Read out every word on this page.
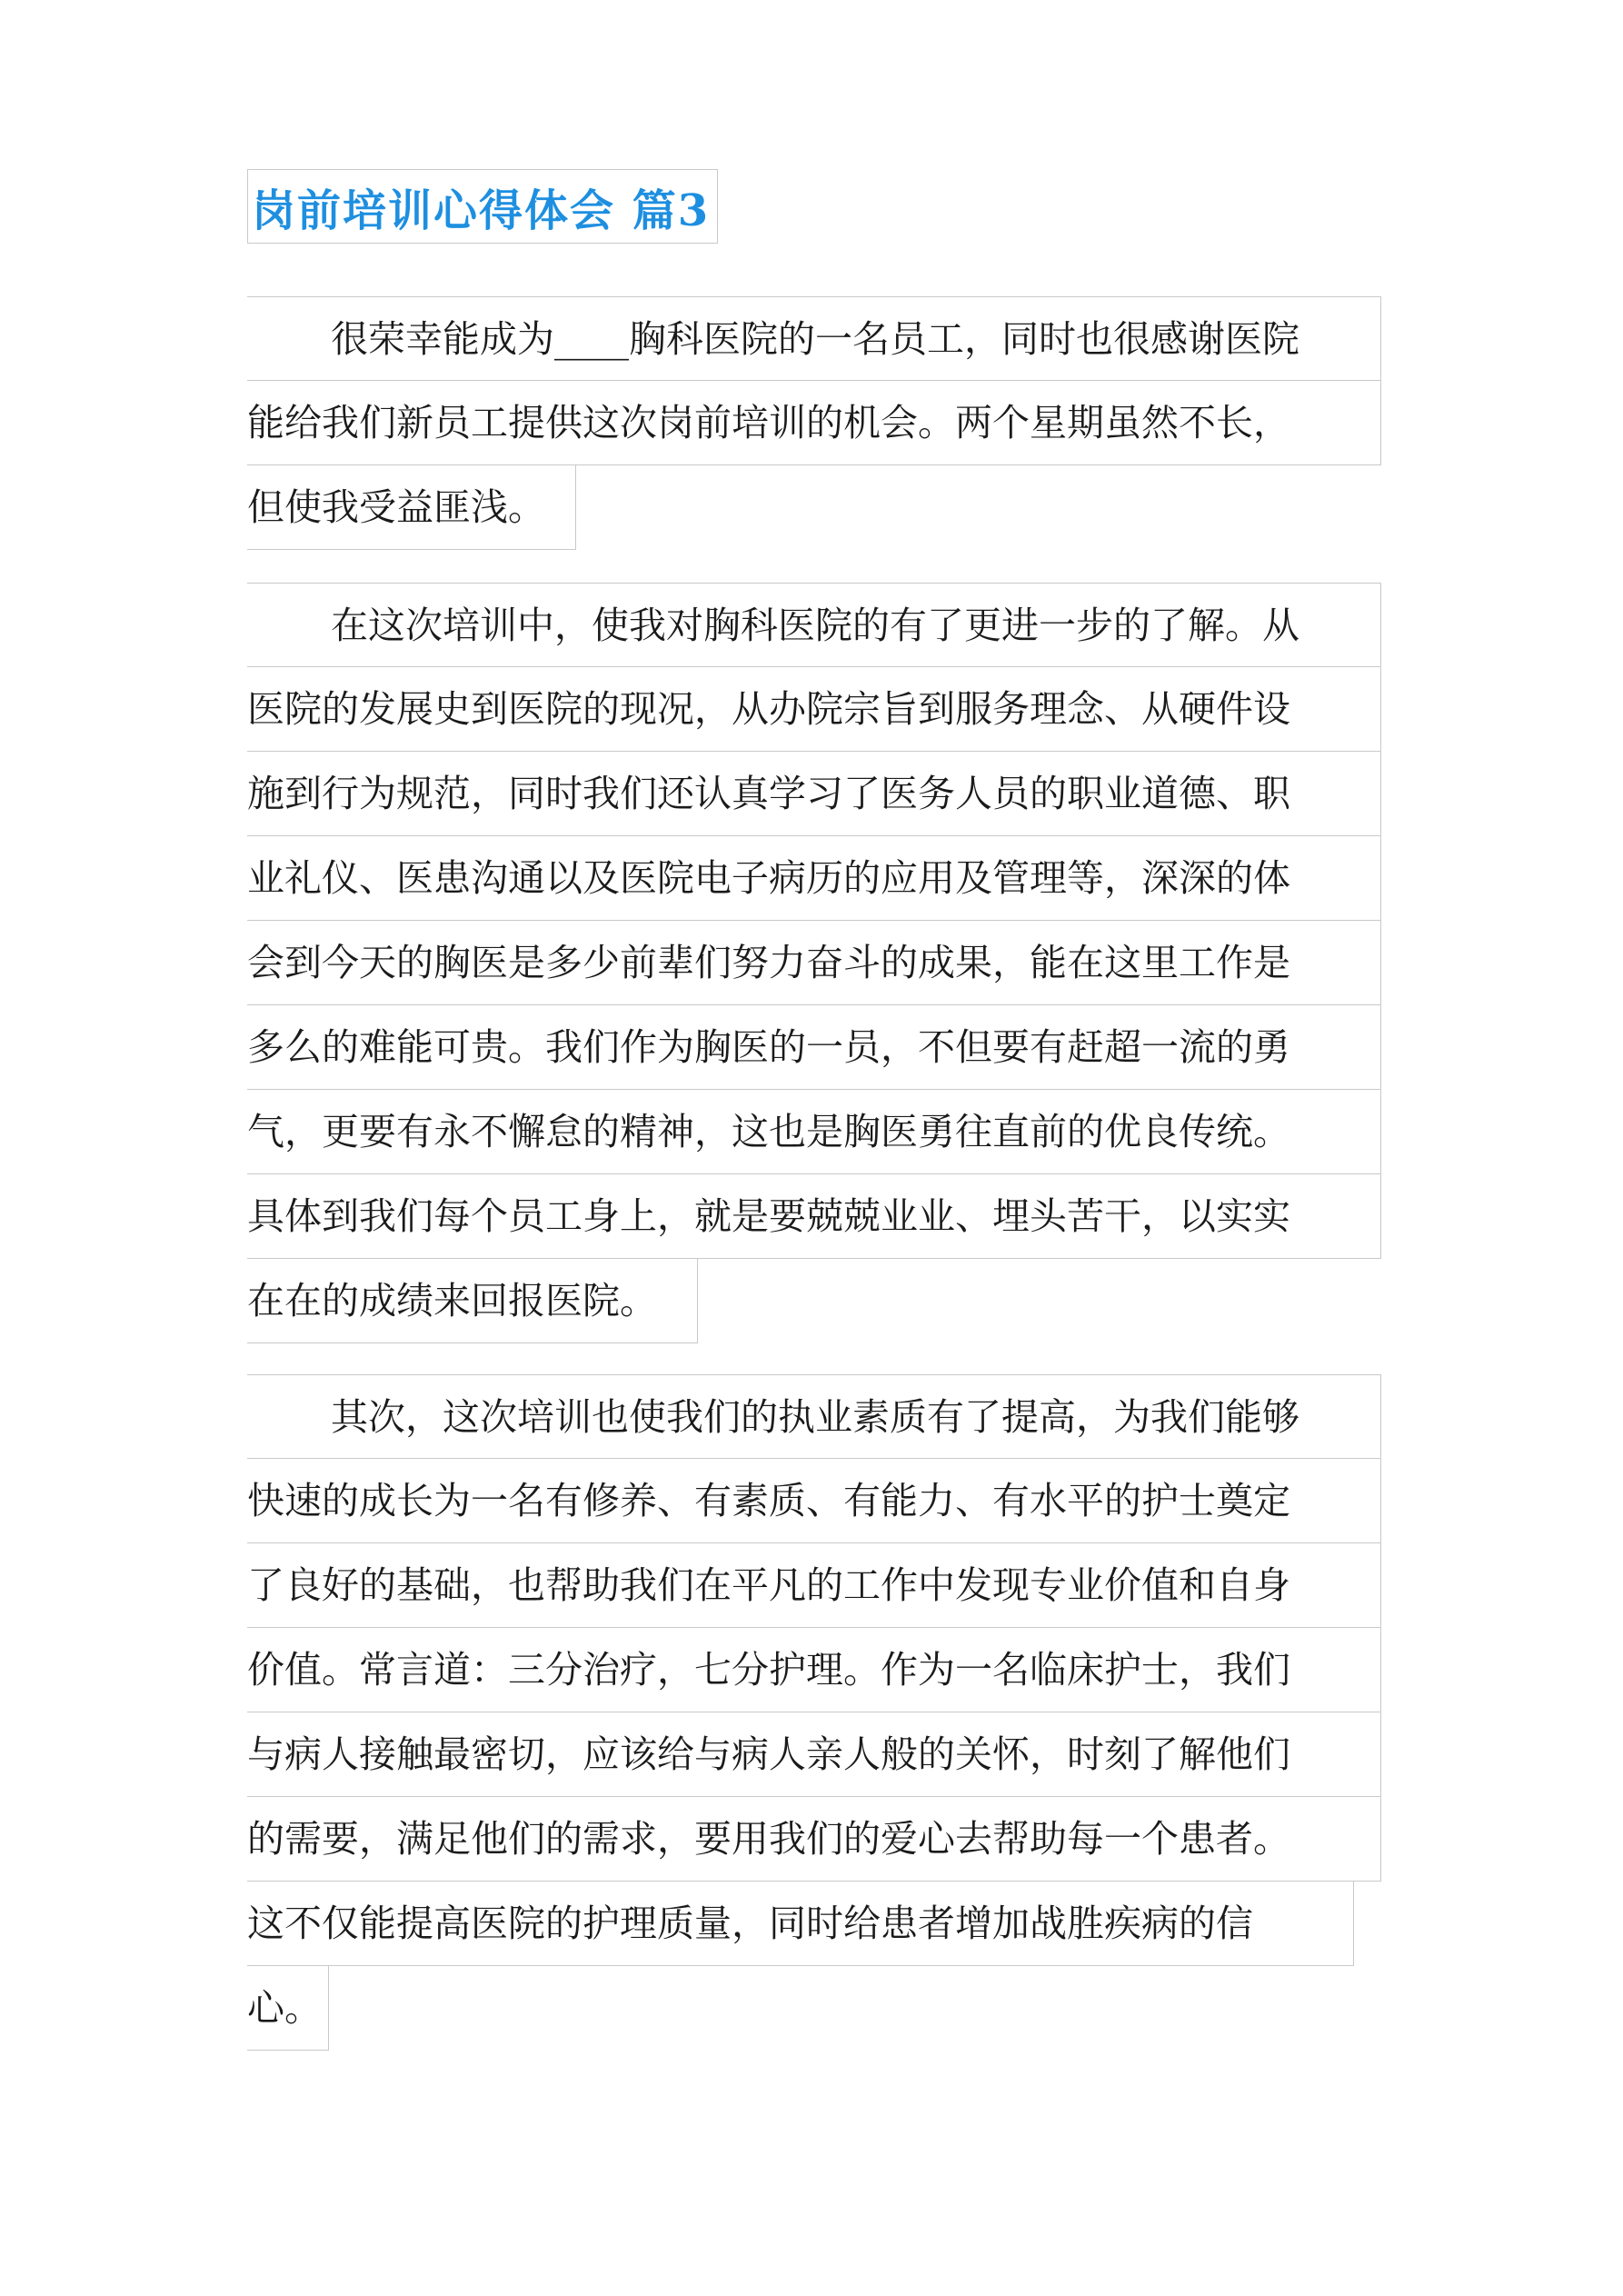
岗前培训心得体会 篇3
很荣幸能成为____胸科医院的一名员工，同时也很感谢医院
能给我们新员工提供这次岗前培训的机会。两个星期虽然不长，
但使我受益匪浅。
在这次培训中，使我对胸科医院的有了更进一步的了解。从
医院的发展史到医院的现况，从办院宗旨到服务理念、从硬件设
施到行为规范，同时我们还认真学习了医务人员的职业道德、职
业礼仪、医患沟通以及医院电子病历的应用及管理等，深深的体
会到今天的胸医是多少前辈们努力奋斗的成果，能在这里工作是
多么的难能可贵。我们作为胸医的一员，不但要有赶超一流的勇
气，更要有永不懈怠的精神，这也是胸医勇往直前的优良传统。
具体到我们每个员工身上，就是要兢兢业业、埋头苦干，以实实
在在的成绩来回报医院。
其次，这次培训也使我们的执业素质有了提高，为我们能够
快速的成长为一名有修养、有素质、有能力、有水平的护士奠定
了良好的基础，也帮助我们在平凡的工作中发现专业价值和自身
价值。常言道：三分治疗，七分护理。作为一名临床护士，我们
与病人接触最密切，应该给与病人亲人般的关怀，时刻了解他们
的需要，满足他们的需求，要用我们的爱心去帮助每一个患者。
这不仅能提高医院的护理质量，同时给患者增加战胜疾病的信
心。
